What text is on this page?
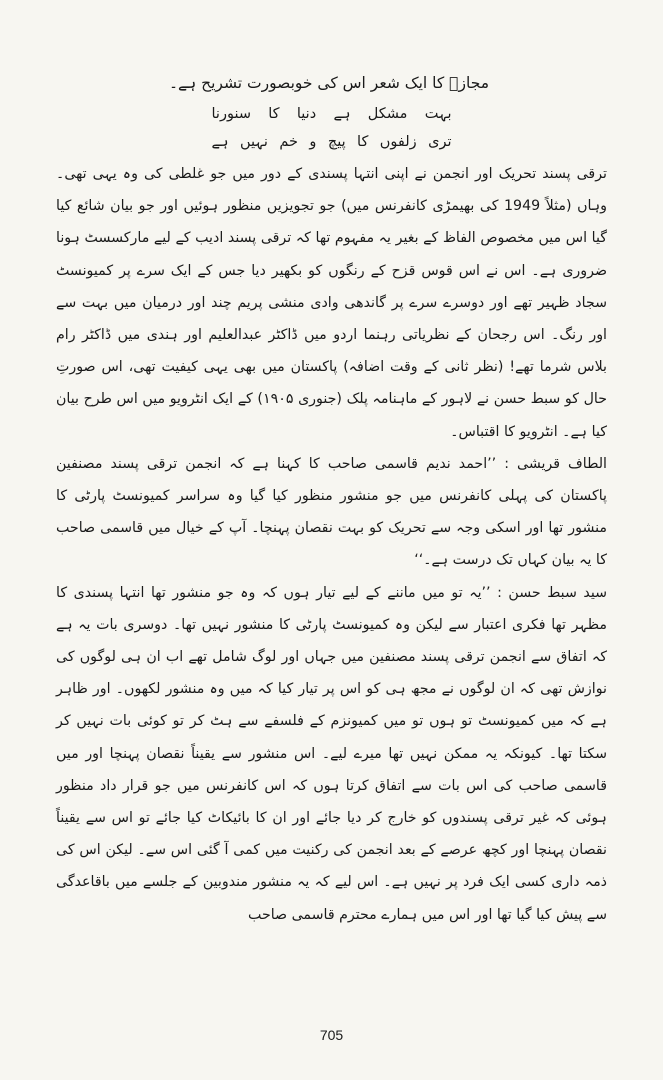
مجازؔ کا ایک شعر اس کی خوبصورت تشریح ہے۔
بہت
مشکل
ہے
دنیا
کا
سنورنا
تری
زلفوں
کا
پیچ
و
خم
نہیں
ہے

ترقی پسند تحریک اور انجمن نے اپنی انتہا پسندی کے دور میں جو غلطی کی وہ یہی تھی۔ وہاں (مثلاً 1949 کی بھیمڑی کانفرنس میں) جو تجویزیں منظور ہوئیں اور جو بیان شائع کیا گیا اس میں مخصوص الفاظ کے بغیر یہ مفہوم تھا کہ ترقی پسند ادیب کے لیے مارکسسٹ ہونا ضروری ہے۔ اس نے اس قوس قزح کے رنگوں کو بکھیر دیا جس کے ایک سرے پر کمیونسٹ سجاد ظہیر تھے اور دوسرے سرے پر گاندھی وادی منشی پریم چند اور درمیان میں بہت سے اور رنگ۔ اس رجحان کے نظریاتی رہنما اردو میں ڈاکٹر عبدالعلیم اور ہندی میں ڈاکٹر رام بلاس شرما تھے! (نظر ثانی کے وقت اضافہ) پاکستان میں بھی یہی کیفیت تھی، اس صورتِ حال کو سبط حسن نے لاہور کے ماہنامہ پلک (جنوری ۱۹۰۵) کے ایک انٹرویو میں اس طرح بیان کیا ہے۔ انٹرویو کا اقتباس۔

الطاف قریشی : ’’احمد ندیم قاسمی صاحب کا کہنا ہے کہ انجمن ترقی پسند مصنفین پاکستان کی پہلی کانفرنس میں جو منشور منظور کیا گیا وہ سراسر کمیونسٹ پارٹی کا منشور تھا اور اسکی وجہ سے تحریک کو بہت نقصان پہنچا۔ آپ کے خیال میں قاسمی صاحب کا یہ بیان کہاں تک درست ہے۔‘‘

سید سبط حسن : ’’یہ تو میں ماننے کے لیے تیار ہوں کہ وہ جو منشور تھا انتہا پسندی کا مظہر تھا فکری اعتبار سے لیکن وہ کمیونسٹ پارٹی کا منشور نہیں تھا۔ دوسری بات یہ ہے کہ اتفاق سے انجمن ترقی پسند مصنفین میں جہاں اور لوگ شامل تھے اب ان ہی لوگوں کی نوازش تھی کہ ان لوگوں نے مجھ ہی کو اس پر تیار کیا کہ میں وہ منشور لکھوں۔ اور ظاہر ہے کہ میں کمیونسٹ تو ہوں تو میں کمیونزم کے فلسفے سے ہٹ کر تو کوئی بات نہیں کر سکتا تھا۔ کیونکہ یہ ممکن نہیں تھا میرے لیے۔ اس منشور سے یقیناً نقصان پہنچا اور میں قاسمی صاحب کی اس بات سے اتفاق کرتا ہوں کہ اس کانفرنس میں جو قرار داد منظور ہوئی کہ غیر ترقی پسندوں کو خارج کر دیا جائے اور ان کا بائیکاٹ کیا جائے تو اس سے یقیناً نقصان پہنچا اور کچھ عرصے کے بعد انجمن کی رکنیت میں کمی آ گئی اس سے۔ لیکن اس کی ذمہ داری کسی ایک فرد پر نہیں ہے۔ اس لیے کہ یہ منشور مندوبین کے جلسے میں باقاعدگی سے پیش کیا گیا تھا اور اس میں ہمارے محترم قاسمی صاحب

705
